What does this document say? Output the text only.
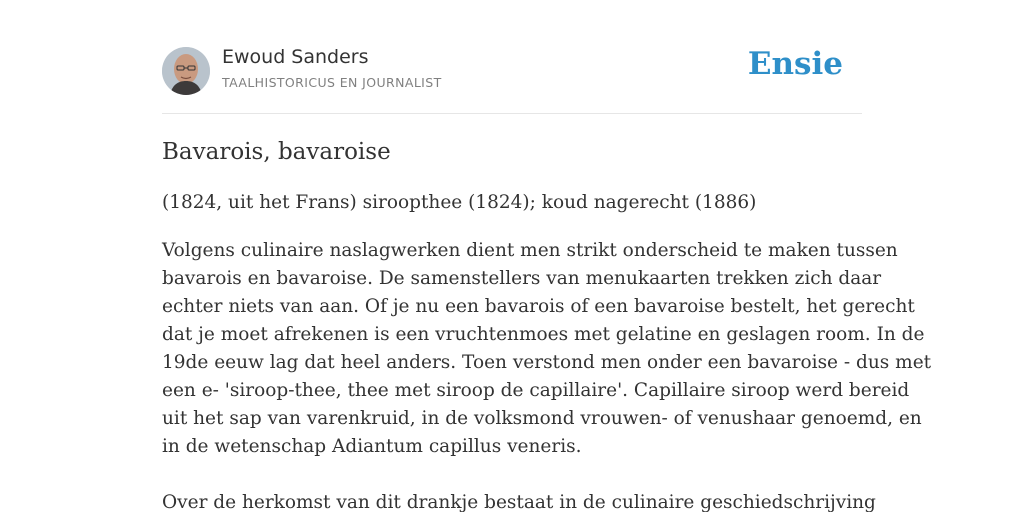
Ewoud Sanders
TAALHISTORICUS EN JOURNALIST
Ensie
Bavarois, bavaroise

(1824, uit het Frans) siroopthee (1824); koud nagerecht (1886)

Volgens culinaire naslagwerken dient men strikt onderscheid te maken tussen
bavarois en bavaroise. De samenstellers van menukaarten trekken zich daar
echter niets van aan. Of je nu een bavarois of een bavaroise bestelt, het gerecht
dat je moet afrekenen is een vruchtenmoes met gelatine en geslagen room. In de
19de eeuw lag dat heel anders. Toen verstond men onder een bavaroise - dus met
een e- 'siroop-thee, thee met siroop de capillaire'. Capillaire siroop werd bereid
uit het sap van varenkruid, in de volksmond vrouwen- of venushaar genoemd, en
in de wetenschap Adiantum capillus veneris.
Over de herkomst van dit drankje bestaat in de culinaire geschiedschrijving
